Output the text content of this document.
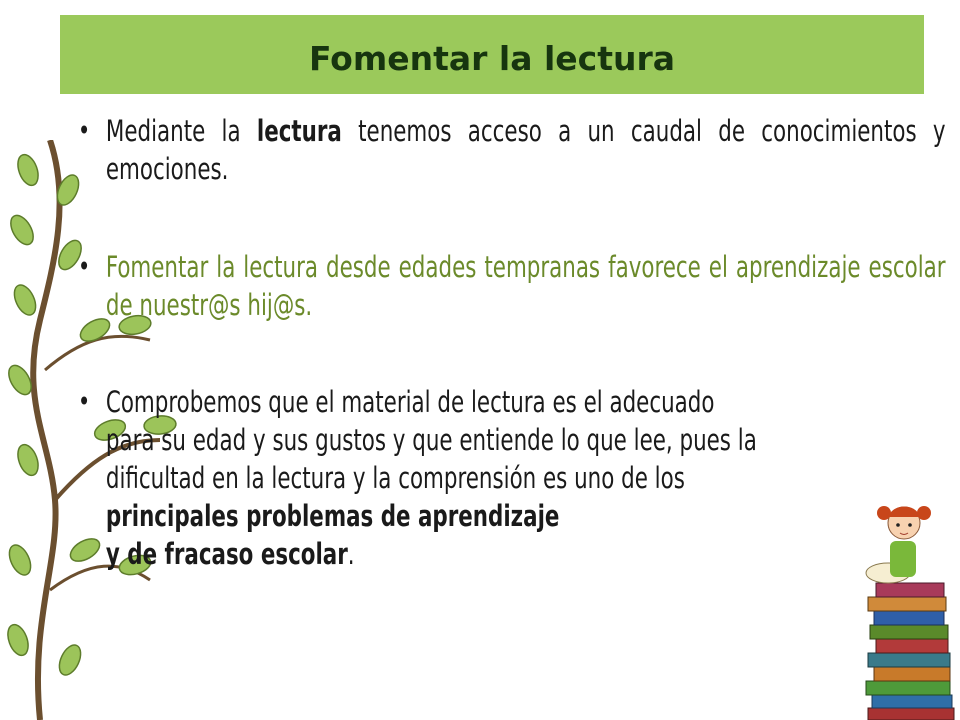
Fomentar la lectura
• Mediante la lectura tenemos acceso a un caudal de conocimientos y emociones.
• Fomentar la lectura desde edades tempranas favorece el aprendizaje escolar de nuestr@s hij@s.
• Comprobemos que el material de lectura es el adecuado
para su edad y sus gustos y que entiende lo que lee, pues la
dificultad en la lectura y la comprensión es uno de los
principales problemas de aprendizaje
y de fracaso escolar.
